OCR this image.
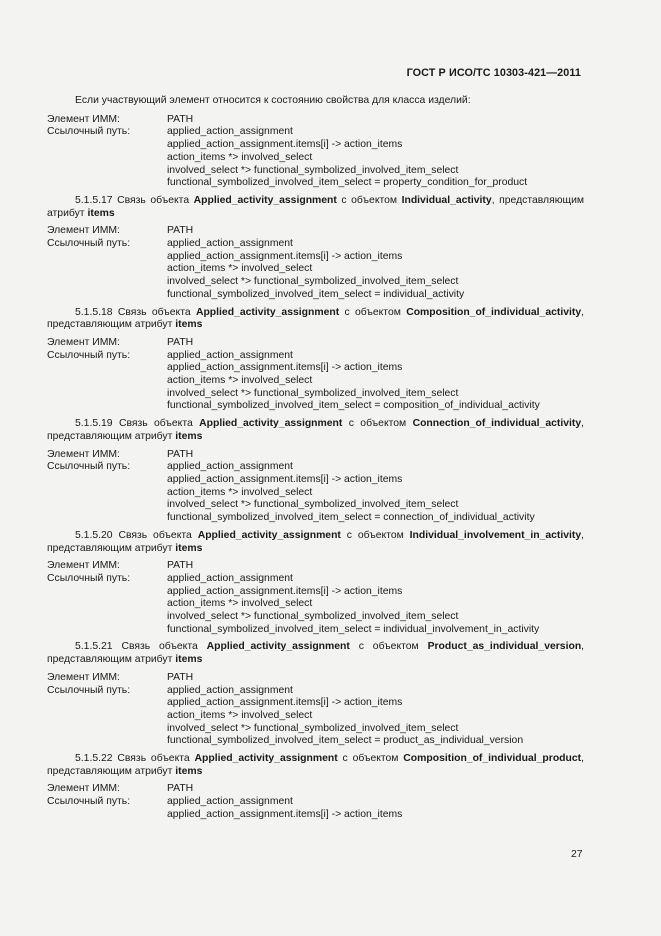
ГОСТ Р ИСО/ТС 10303-421—2011

Если участвующий элемент относится к состоянию свойства для класса изделий:

Элемент ИММ:	PATH
Ссылочный путь:	applied_action_assignment
applied_action_assignment.items[i] -> action_items
action_items *> involved_select
involved_select *> functional_symbolized_involved_item_select
functional_symbolized_involved_item_select = property_condition_for_product

5.1.5.17 Связь объекта Applied_activity_assignment с объектом Individual_activity, представляющим атрибут items

Элемент ИММ:	PATH
Ссылочный путь:	applied_action_assignment
applied_action_assignment.items[i] -> action_items
action_items *> involved_select
involved_select *> functional_symbolized_involved_item_select
functional_symbolized_involved_item_select = individual_activity

5.1.5.18 Связь объекта Applied_activity_assignment с объектом Composition_of_individual_activity, представляющим атрибут items

Элемент ИММ:	PATH
Ссылочный путь:	applied_action_assignment
applied_action_assignment.items[i] -> action_items
action_items *> involved_select
involved_select *> functional_symbolized_involved_item_select
functional_symbolized_involved_item_select = composition_of_individual_activity

5.1.5.19 Связь объекта Applied_activity_assignment с объектом Connection_of_individual_activity, представляющим атрибут items

Элемент ИММ:	PATH
Ссылочный путь:	applied_action_assignment
applied_action_assignment.items[i] -> action_items
action_items *> involved_select
involved_select *> functional_symbolized_involved_item_select
functional_symbolized_involved_item_select = connection_of_individual_activity

5.1.5.20 Связь объекта Applied_activity_assignment с объектом Individual_involvement_in_activity, представляющим атрибут items

Элемент ИММ:	PATH
Ссылочный путь:	applied_action_assignment
applied_action_assignment.items[i] -> action_items
action_items *> involved_select
involved_select *> functional_symbolized_involved_item_select
functional_symbolized_involved_item_select = individual_involvement_in_activity

5.1.5.21 Связь объекта Applied_activity_assignment с объектом Product_as_individual_version, представляющим атрибут items

Элемент ИММ:	PATH
Ссылочный путь:	applied_action_assignment
applied_action_assignment.items[i] -> action_items
action_items *> involved_select
involved_select *> functional_symbolized_involved_item_select
functional_symbolized_involved_item_select = product_as_individual_version

5.1.5.22 Связь объекта Applied_activity_assignment с объектом Composition_of_individual_product, представляющим атрибут items

Элемент ИММ:	PATH
Ссылочный путь:	applied_action_assignment
applied_action_assignment.items[i] -> action_items
27
